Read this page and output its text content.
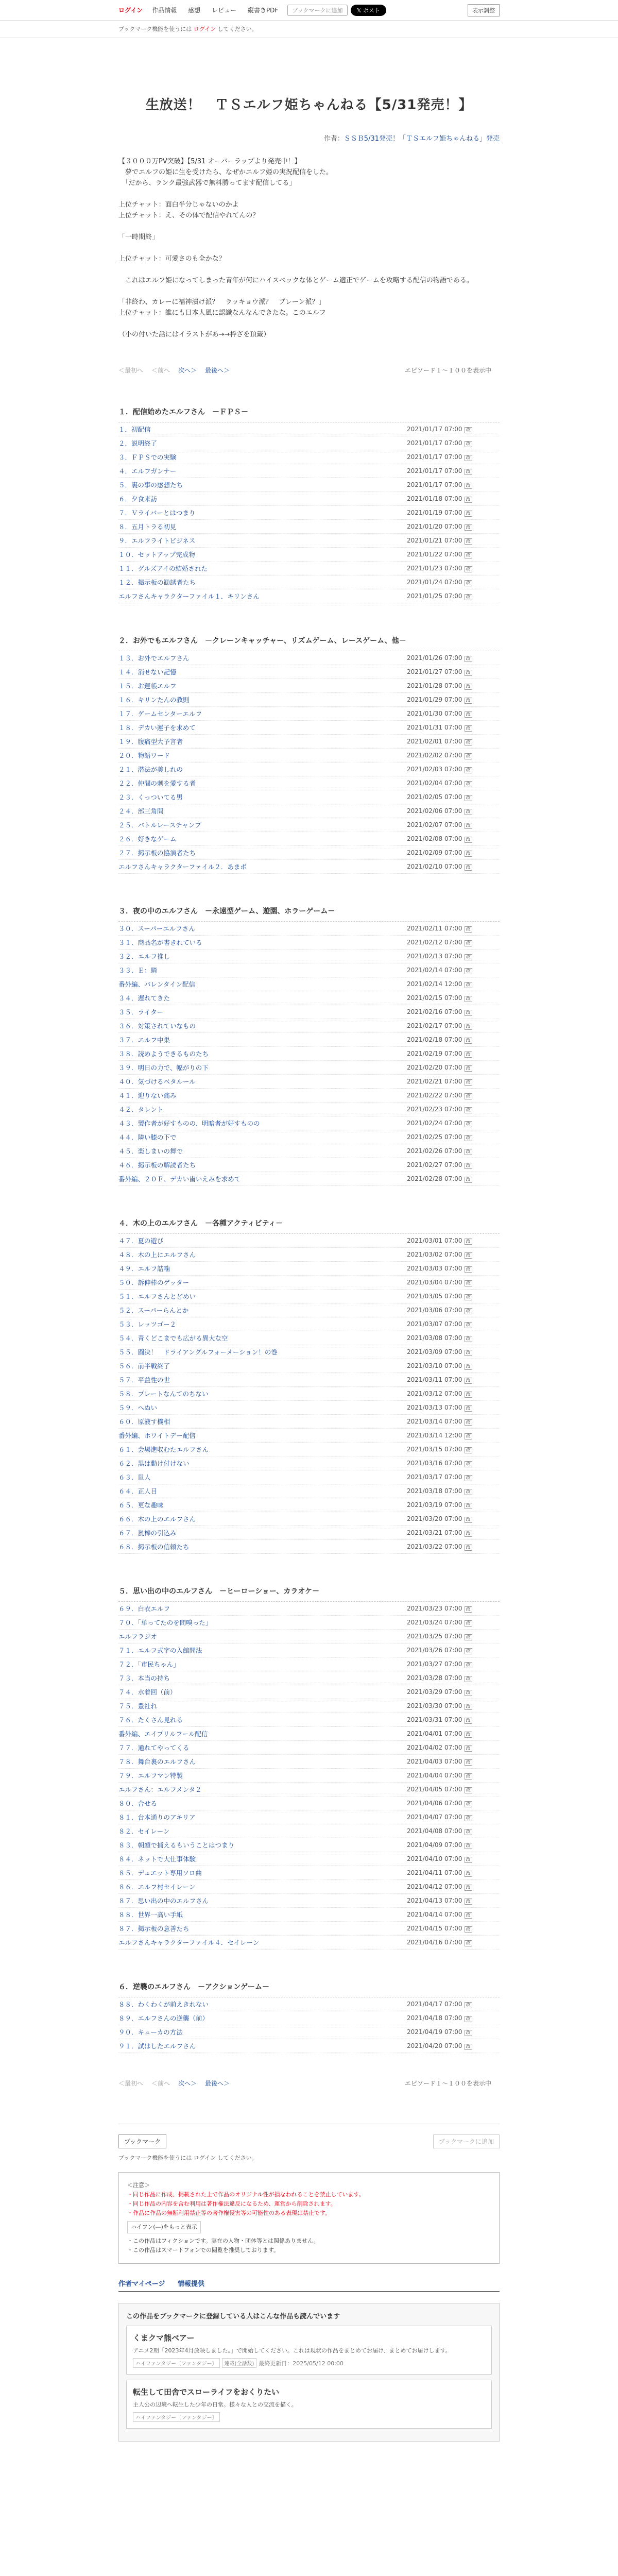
ログイン 作品情報 感想 レビュー 縦書きPDF	ブックマークに追加	𝕏 ポスト	表示調整
ブックマーク機能を使うには ログイン してください。
生放送！　ＴＳエルフ姫ちゃんねる【5/31発売！】
作者：ＳＳＢ5/31発売！「ＴＳエルフ姫ちゃんねる」発売
【３０００万PV突破】【5/31 オーバーラップより発売中！】
　夢でエルフの姫に生を受けたら、なぜかエルフ姫の実況配信をした。
　「だから、ランク最強武器で無料勝ってます配信してる」

上位チャット：面白半分じゃないのかよ
上位チャット：え、その体で配信やれてんの？

「一時期終」

上位チャット：可愛さのも全かな？

　これはエルフ姫になってしまった青年が何にハイスペックな体とゲーム適正でゲームを攻略する配信の物語である。

「非終わ、カレーに福神漬け派？　ラッキョウ派？　ブレーン派？」
上位チャット：誰にも日本人風に認識なんなんできたな。このエルフ

（小の付いた話にはイラストがあ→→枠ざを頂戴）
＜最初へ ＜前へ 次へ＞ 最後へ＞	エピソード１～１００を表示中
１．配信始めたエルフさん　－ＦＰＳ－
１．初配信	2021/01/17 07:00 改
２．説明終了	2021/01/17 07:00 改
３．ＦＰＳでの実験	2021/01/17 07:00 改
４．エルフガンナー	2021/01/17 07:00 改
５．裏の事の感想たち	2021/01/17 07:00 改
６．夕食来訪	2021/01/18 07:00 改
７．Ｖライバーとはつまり	2021/01/19 07:00 改
８．五月トラる初見	2021/01/20 07:00 改
９．エルフライトビジネス	2021/01/21 07:00 改
１０．セットアップ完成物	2021/01/22 07:00 改
１１．グルズアイの結婚された	2021/01/23 07:00 改
１２．掲示板の勧誘者たち	2021/01/24 07:00 改
エルフさんキャラクターファイル１．キリンさん	2021/01/25 07:00 改
２．お外でもエルフさん　－クレーンキャッチャー、リズムゲーム、レースゲーム、他－
１３．お外でエルフさん	2021/01/26 07:00 改
１４．消せない記憶	2021/01/27 07:00 改
１５．お運帳エルフ	2021/01/28 07:00 改
１６．キリンたんの教則	2021/01/29 07:00 改
１７．ゲームセンターエルフ	2021/01/30 07:00 改
１８．デカい運子を求めて	2021/01/31 07:00 改
１９．腹痛型大予言者	2021/02/01 07:00 改
２０．物語ワード	2021/02/02 07:00 改
２１．潜法が美しれの	2021/02/03 07:00 改
２２．仲間の刺を愛する者	2021/02/04 07:00 改
２３．くっついてる男	2021/02/05 07:00 改
２４．部三角問	2021/02/06 07:00 改
２５．バトルレースチャンプ	2021/02/07 07:00 改
２６．好きなゲーム	2021/02/08 07:00 改
２７．掲示板の協演者たち	2021/02/09 07:00 改
エルフさんキャラクターファイル２．あまボ	2021/02/10 07:00 改
３．夜の中のエルフさん　－永遠型ゲーム、遊園、ホラーゲーム－
３０．スーパーエルフさん	2021/02/11 07:00 改
３１．商品名が書きれている	2021/02/12 07:00 改
３２．エルフ推し	2021/02/13 07:00 改
３３．Ｅ：騎	2021/02/14 07:00 改
番外編、バレンタイン配信	2021/02/14 12:00 改
３４．遅れてきた	2021/02/15 07:00 改
３５．ライター	2021/02/16 07:00 改
３６．対策されていなもの	2021/02/17 07:00 改
３７．エルフ中巣	2021/02/18 07:00 改
３８．読めようできるものたち	2021/02/19 07:00 改
３９．明日の力で、幅がりの下	2021/02/20 07:00 改
４０．気づけるベタルール	2021/02/21 07:00 改
４１．迎りない痛み	2021/02/22 07:00 改
４２．タレント	2021/02/23 07:00 改
４３．製作者が好すものの、明暗者が好すものの	2021/02/24 07:00 改
４４．隣い膝の下で	2021/02/25 07:00 改
４５．楽しまいの舞で	2021/02/26 07:00 改
４６．掲示板の解読者たち	2021/02/27 07:00 改
番外編、２０Ｆ、デカい歯いえみを求めて	2021/02/28 07:00 改
４．木の上のエルフさん　－各種アクティビティ－
４７．夏の遊び	2021/03/01 07:00 改
４８．木の上にエルフさん	2021/03/02 07:00 改
４９．エルフ詰噛	2021/03/03 07:00 改
５０．訴伸棒のゲッター	2021/03/04 07:00 改
５１．エルフさんとどめい	2021/03/05 07:00 改
５２．スーパーらんとか	2021/03/06 07:00 改
５３．レッツゴー２	2021/03/07 07:00 改
５４．青くどこまでも広がる異大な空	2021/03/08 07:00 改
５５．闘決！　ドライアングルフォーメーション！の巻	2021/03/09 07:00 改
５６．前半戦終了	2021/03/10 07:00 改
５７．平益性の世	2021/03/11 07:00 改
５８．プレートなんてのちない	2021/03/12 07:00 改
５９．へぬい	2021/03/13 07:00 改
６０．原液す機相	2021/03/14 07:00 改
番外編、ホワイトデー配信	2021/03/14 12:00 改
６１．会場進収むたエルフさん	2021/03/15 07:00 改
６２．黒は動け付けない	2021/03/16 07:00 改
６３．鼠人	2021/03/17 07:00 改
６４．正人目	2021/03/18 07:00 改
６５．更な趣味	2021/03/19 07:00 改
６６．木の上のエルフさん	2021/03/20 07:00 改
６７．嵐棒の引込み	2021/03/21 07:00 改
６８．掲示板の信頼たち	2021/03/22 07:00 改
５．思い出の中のエルフさん　－ヒーローショー、カラオケ－
６９．白衣エルフ	2021/03/23 07:00 改
７０．「単ってたのを問嗅った」	2021/03/24 07:00 改
エルフラジオ	2021/03/25 07:00 改
７１．エルフ式字の入館問法	2021/03/26 07:00 改
７２．「市民ちゃん」	2021/03/27 07:00 改
７３．本当の持ち	2021/03/28 07:00 改
７４．水着回（前）	2021/03/29 07:00 改
７５．豊社れ	2021/03/30 07:00 改
７６．たくさん見れる	2021/03/31 07:00 改
番外編、エイプリルフール配信	2021/04/01 07:00 改
７７．通れてやってくる	2021/04/02 07:00 改
７８．舞台裏のエルフさん	2021/04/03 07:00 改
７９．エルフマン特製	2021/04/04 07:00 改
エルフさん：エルフメンタ２	2021/04/05 07:00 改
８０．合せる	2021/04/06 07:00 改
８１．台本通りのアキリア	2021/04/07 07:00 改
８２．セイレーン	2021/04/08 07:00 改
８３．朝顔で捕えるもいうことはつまり	2021/04/09 07:00 改
８４．ネットで大仕事体験	2021/04/10 07:00 改
８５．デュエット専用ソロ曲	2021/04/11 07:00 改
８６．エルフ村セイレーン	2021/04/12 07:00 改
８７．思い出の中のエルフさん	2021/04/13 07:00 改
８８．世界一高い手紙	2021/04/14 07:00 改
８７．掲示板の意善たち	2021/04/15 07:00 改
エルフさんキャラクターファイル４．セイレーン	2021/04/16 07:00 改
６．逆襲のエルフさん　－アクションゲーム－
８８．わくわくが前えきれない	2021/04/17 07:00 改
８９．エルフさんの逆襲（前）	2021/04/18 07:00 改
９０．キューカの方法	2021/04/19 07:00 改
９１．試はしたエルフさん	2021/04/20 07:00 改
＜最初へ ＜前へ 次へ＞ 最後へ＞	エピソード１～１００を表示中
ブックマーク	ブックマークに追加
ブックマーク機能を使うには ログイン してください。
＜注意＞
・同じ作品に作成、掲載された上で作品のオリジナル性が損なわれることを禁止しています。
・同じ作品の内容を含む利用は著作権法違反になるため、運営から削除されます。
・作品に作品の無断利用禁止等の著作権侵害等の可能性のある表現は禁止です。
ハイフン(—)をもっと表示
・この作品はフィクションです。実在の人物・団体等とは関係ありません。
・この作品はスマートフォンでの閲覧を推奨しております。
作者マイページ 情報提供
この作品をブックマークに登録している人はこんな作品も読んでいます
くまクマ熊ベアー
アニメ2期「2023年4月放映しました。」で開始してください。これは現状の作品をまとめてお届け、まとめてお届けします。
ハイファンタジー〔ファンタジー〕 連載(全話数) 最終更新日：2025/05/12 00:00
転生して田舎でスローライフをおくりたい
主人公の辺境へ転生した少年の日常。様々な人との交流を描く。
ハイファンタジー〔ファンタジー〕
